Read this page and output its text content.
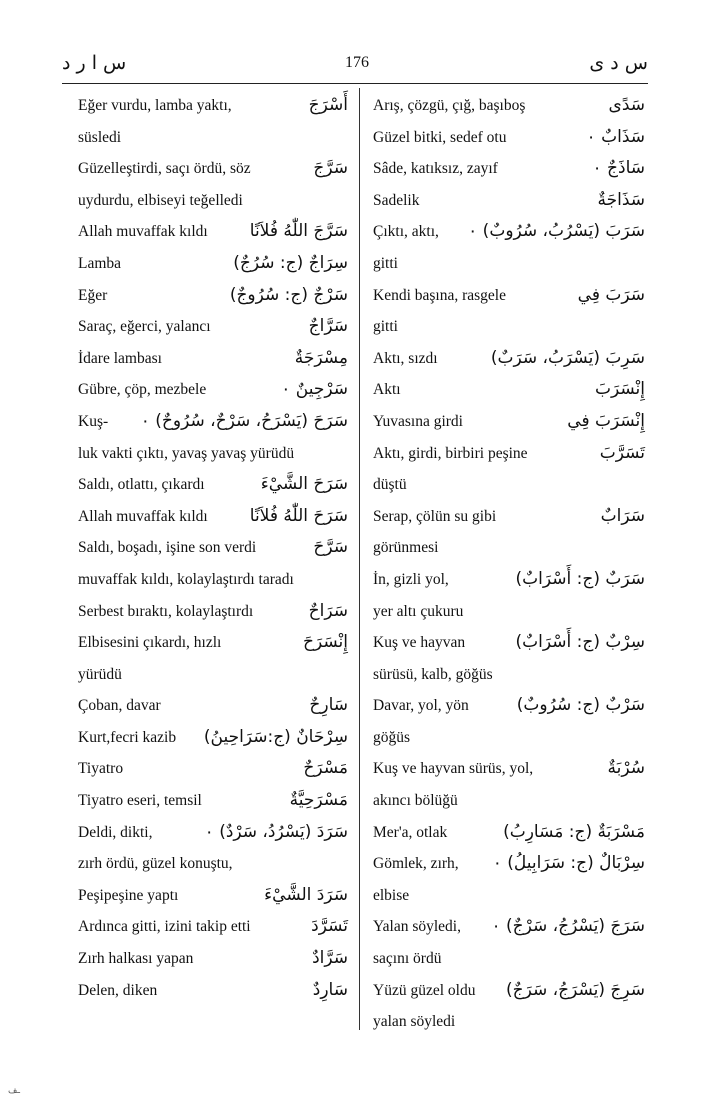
س ا ر د	176	س د ی
Eğer vurdu, lamba yaktı,	أَسْرَجَ
süsledi
Güzelleştirdi, saçı ördü, söz	سَرَّجَ
uydurdu, elbiseyi teğelledi
Allah muvaffak kıldı سَرَّجَ اللّٰهُ فُلاَنًا
Lamba	سِرَاجٌ (ج: سُرُجٌ)
Eğer	سَرْجٌ (ج: سُرُوجٌ)
Saraç, eğerci, yalancı	سَرَّاجٌ
İdare lambası	مِسْرَجَةٌ
Gübre, çöp, mezbele	سَرْجِينٌ ٠
Kuş- سَرَحَ (يَسْرَحُ، سَرْحٌ، سُرُوحٌ) ٠
luk vakti çıktı, yavaş yavaş yürüdü
Saldı, otlattı, çıkardı	سَرَحَ الشَّيْءَ
Allah muvaffak kıldı سَرَحَ اللّٰهُ فُلاَنًا
Saldı, boşadı, işine son verdi	سَرَّحَ
muvaffak kıldı, kolaylaştırdı taradı
Serbest bıraktı, kolaylaştırdı	سَرَاحٌ
Elbisesini çıkardı, hızlı	إِنْسَرَحَ
yürüdü
Çoban, davar	سَارِحٌ
Kurt,fecri kazib سِرْحَانٌ (ج:سَرَاحِينُ)
Tiyatro	مَسْرَحٌ
Tiyatro eseri, temsil	مَسْرَحِيَّةٌ
Deldi, dikti,	سَرَدَ (يَسْرُدُ، سَرْدٌ) ٠
zırh ördü, güzel konuştu,
Peşipeşine yaptı	سَرَدَ الشَّيْءَ
Ardınca gitti, izini takip etti	تَسَرَّدَ
Zırh halkası yapan	سَرَّادٌ
Delen, diken	سَارِدٌ
Arış, çözgü, çığ, başıboş	سَدًى
Güzel bitki, sedef otu	سَذَابٌ ٠
Sâde, katıksız, zayıf	سَاذَجٌ ٠
Sadelik	سَذَاجَةٌ
Çıktı, aktı, سَرَبَ (يَسْرُبُ، سُرُوبٌ) ٠
gitti
Kendi başına, rasgele	سَرَبَ فِي
gitti
Aktı, sızdı	سَرِبَ (يَسْرَبُ، سَرَبٌ)
Aktı	إِنْسَرَبَ
Yuvasına girdi	إِنْسَرَبَ فِي
Aktı, girdi, birbiri peşine	تَسَرَّبَ
düştü
Serap, çölün su gibi	سَرَابٌ
görünmesi
İn, gizli yol,	سَرَبٌ (ج: أَسْرَابٌ)
yer altı çukuru
Kuş ve hayvan	سِرْبٌ (ج: أَسْرَابٌ)
sürüsü, kalb, göğüs
Davar, yol, yön	سَرْبٌ (ج: سُرُوبٌ)
göğüs
Kuş ve hayvan sürüs, yol,	سُرْبَةٌ
akıncı bölüğü
Mer'a, otlak	مَسْرَبَةٌ (ج: مَسَارِبُ)
Gömlek, zırh, سِرْبَالٌ (ج: سَرَابِيلُ) ٠
elbise
Yalan söyledi, سَرَجَ (يَسْرُجُ، سَرْجٌ) ٠
saçını ördü
Yüzü güzel oldu سَرِجَ (يَسْرَجُ، سَرَجٌ)
yalan söyledi
ـف
